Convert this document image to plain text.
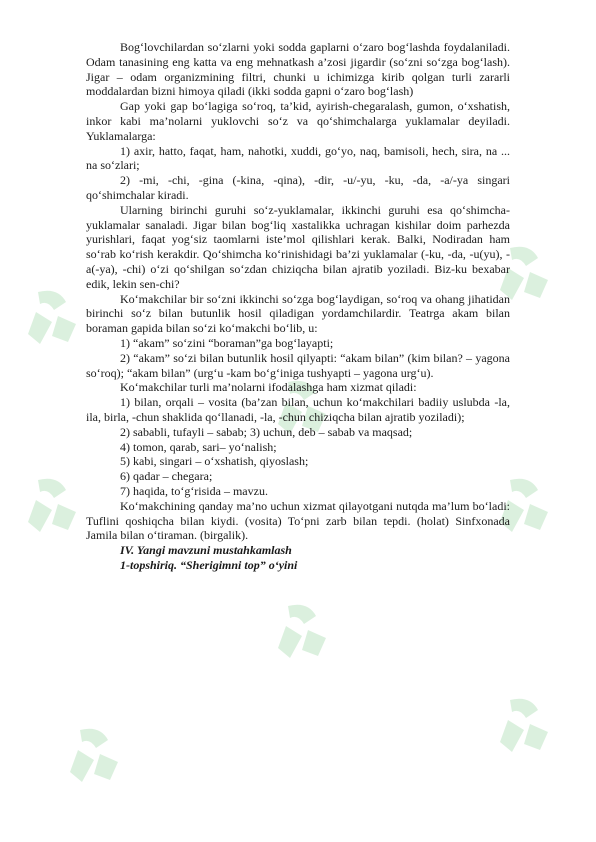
Bog‘lovchilardan so‘zlarni yoki sodda gaplarni o‘zaro bog‘lashda foydalaniladi. Odam tanasining eng katta va eng mehnatkash a’zosi jigardir (so‘zni so‘zga bog‘lash). Jigar – odam organizmining filtri, chunki u ichimizga kirib qolgan turli zararli moddalardan bizni himoya qiladi (ikki sodda gapni o‘zaro bog‘lash)

Gap yoki gap bo‘lagiga so‘roq, ta’kid, ayirish-chegaralash, gumon, o‘xshatish, inkor kabi ma’nolarni yuklovchi so‘z va qo‘shimchalarga yuklamalar deyiladi. Yuklamalarga:

1) axir, hatto, faqat, ham, nahotki, xuddi, go‘yo, naq, bamisoli, hech, sira, na ... na so‘zlari;

2) -mi, -chi, -gina (-kina, -qina), -dir, -u/-yu, -ku, -da, -a/-ya singari qo‘shimchalar kiradi.

Ularning birinchi guruhi so‘z-yuklamalar, ikkinchi guruhi esa qo‘shimcha-yuklamalar sanaladi. Jigar bilan bog‘liq xastalikka uchragan kishilar doim parhezda yurishlari, faqat yog‘siz taomlarni iste’mol qilishlari kerak. Balki, Nodiradan ham so‘rab ko‘rish kerakdir. Qo‘shimcha ko‘rinishidagi ba’zi yuklamalar (-ku, -da, -u(yu), -a(-ya), -chi) o‘zi qo‘shilgan so‘zdan chiziqcha bilan ajratib yoziladi. Biz-ku bexabar edik, lekin sen-chi?

Ko‘makchilar bir so‘zni ikkinchi so‘zga bog‘laydigan, so‘roq va ohang jihatidan birinchi so‘z bilan butunlik hosil qiladigan yordamchilardir. Teatrga akam bilan boraman gapida bilan so‘zi ko‘makchi bo‘lib, u:

1) “akam” so‘zini “boraman”ga bog‘layapti;

2) “akam” so‘zi bilan butunlik hosil qilyapti: “akam bilan” (kim bilan? – yagona so‘roq); “akam bilan” (urg‘u -kam bo‘g‘iniga tushyapti – yagona urg‘u).

Ko‘makchilar turli ma’nolarni ifodalashga ham xizmat qiladi:

1) bilan, orqali – vosita (ba’zan bilan, uchun ko‘makchilari badiiy uslubda -la, ila, birla, -chun shaklida qo‘llanadi, -la, -chun chiziqcha bilan ajratib yoziladi);

2) sababli, tufayli – sabab; 3) uchun, deb – sabab va maqsad;

4) tomon, qarab, sari– yo‘nalish;

5) kabi, singari – o‘xshatish, qiyoslash;

6) qadar – chegara;

7) haqida, to‘g‘risida – mavzu.

Ko‘makchining qanday ma’no uchun xizmat qilayotgani nutqda ma’lum bo‘ladi: Tuflini qoshiqcha bilan kiydi. (vosita) To‘pni zarb bilan tepdi. (holat) Sinfxonada Jamila bilan o‘tiraman. (birgalik).

IV. Yangi mavzuni mustahkamlash

1-topshiriq. “Sherigimni top” o‘yini
